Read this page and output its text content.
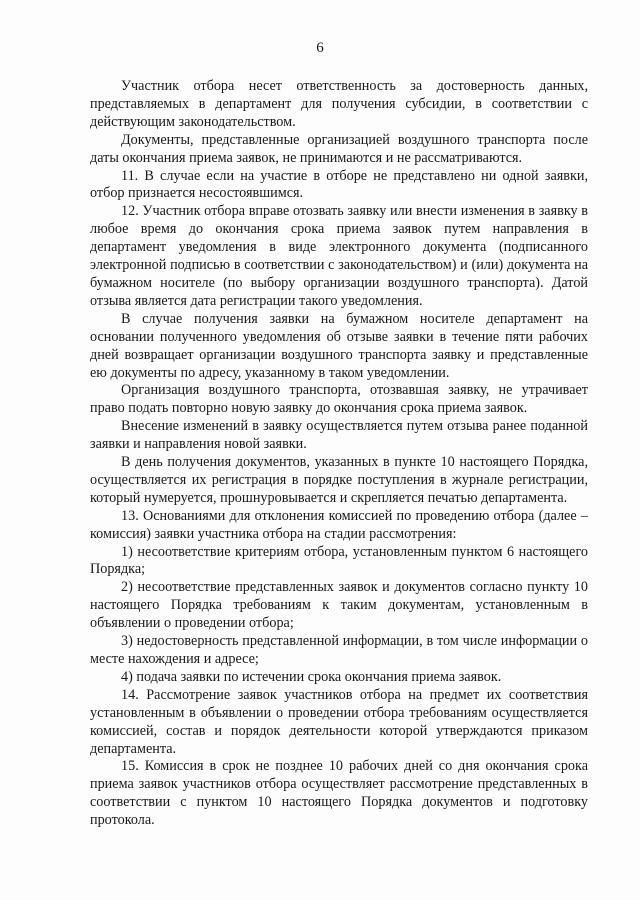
6

Участник отбора несет ответственность за достоверность данных, представляемых в департамент для получения субсидии, в соответствии с действующим законодательством.

Документы, представленные организацией воздушного транспорта после даты окончания приема заявок, не принимаются и не рассматриваются.

11. В случае если на участие в отборе не представлено ни одной заявки, отбор признается несостоявшимся.

12. Участник отбора вправе отозвать заявку или внести изменения в заявку в любое время до окончания срока приема заявок путем направления в департамент уведомления в виде электронного документа (подписанного электронной подписью в соответствии с законодательством) и (или) документа на бумажном носителе (по выбору организации воздушного транспорта). Датой отзыва является дата регистрации такого уведомления.

В случае получения заявки на бумажном носителе департамент на основании полученного уведомления об отзыве заявки в течение пяти рабочих дней возвращает организации воздушного транспорта заявку и представленные ею документы по адресу, указанному в таком уведомлении.

Организация воздушного транспорта, отозвавшая заявку, не утрачивает право подать повторно новую заявку до окончания срока приема заявок.

Внесение изменений в заявку осуществляется путем отзыва ранее поданной заявки и направления новой заявки.

В день получения документов, указанных в пункте 10 настоящего Порядка, осуществляется их регистрация в порядке поступления в журнале регистрации, который нумеруется, прошнуровывается и скрепляется печатью департамента.

13. Основаниями для отклонения комиссией по проведению отбора (далее – комиссия) заявки участника отбора на стадии рассмотрения:

1) несоответствие критериям отбора, установленным пунктом 6 настоящего Порядка;

2) несоответствие представленных заявок и документов согласно пункту 10 настоящего Порядка требованиям к таким документам, установленным в объявлении о проведении отбора;

3) недостоверность представленной информации, в том числе информации о месте нахождения и адресе;

4) подача заявки по истечении срока окончания приема заявок.

14. Рассмотрение заявок участников отбора на предмет их соответствия установленным в объявлении о проведении отбора требованиям осуществляется комиссией, состав и порядок деятельности которой утверждаются приказом департамента.

15. Комиссия в срок не позднее 10 рабочих дней со дня окончания срока приема заявок участников отбора осуществляет рассмотрение представленных в соответствии с пунктом 10 настоящего Порядка документов и подготовку протокола.
